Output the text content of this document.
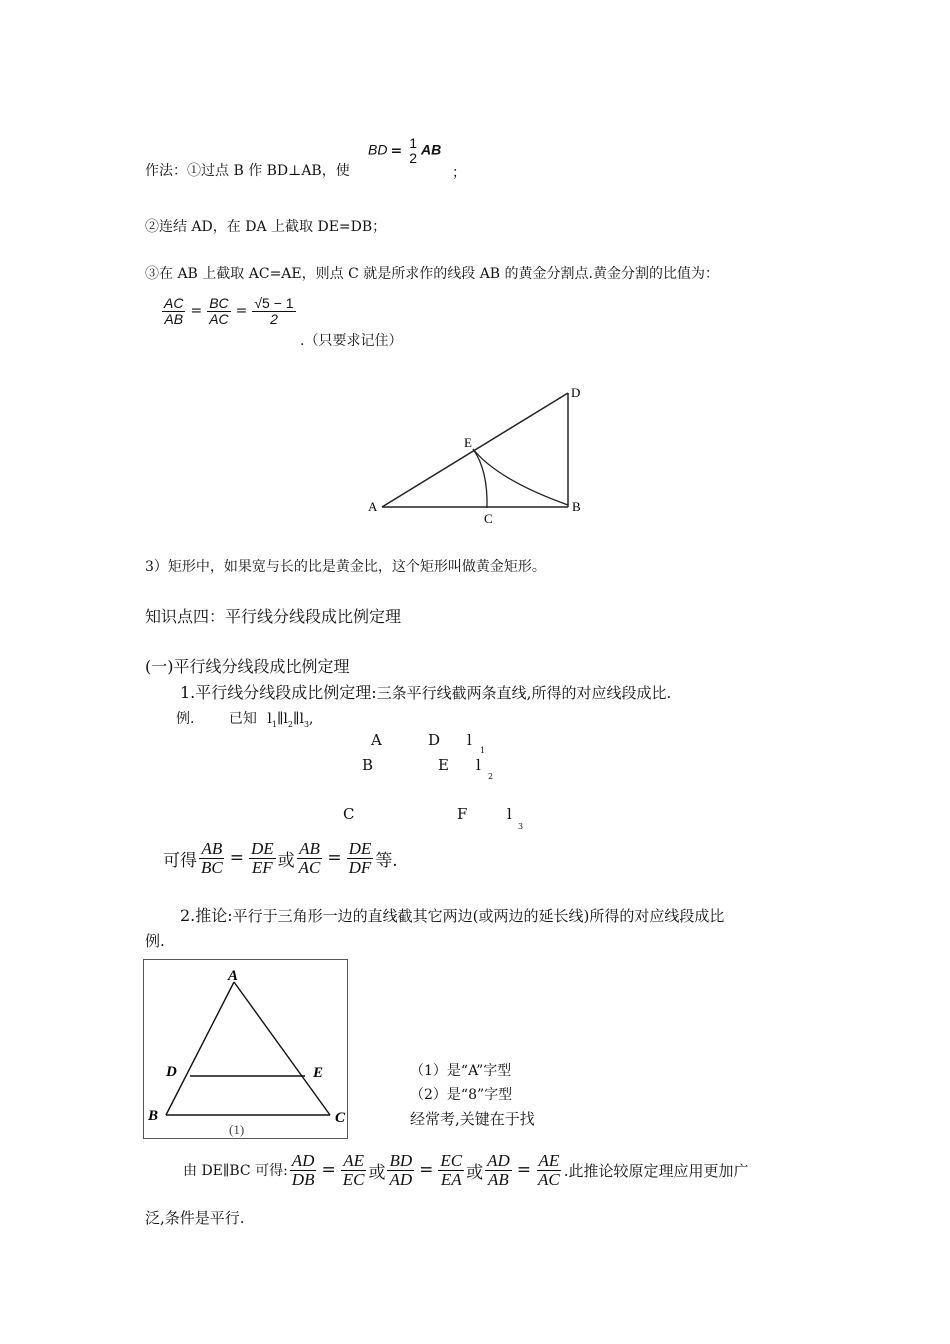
作法：①过点 B 作 BD⊥AB，使
BD = 1
2 AB
；
②连结 AD，在 DA 上截取 DE=DB；
③在 AB 上截取 AC=AE，则点 C 就是所求作的线段 AB 的黄金分割点.黄金分割的比值为：
$\frac{AC}{AB} = \frac{BC}{AC} = \frac{√5 - 1}{2}$
.（只要求记住）
A	B
C
D
E
3）矩形中，如果宽与长的比是黄金比，这个矩形叫做黄金矩形。
知识点四：平行线分线段成比例定理
(一)平行线分线段成比例定理
1.平行线分线段成比例定理:三条平行线截两条直线,所得的对应线段成比.
例. 已知 $l_1\parallel l_2\parallel l_3$,
A	D l
1
B	E l
2
C	F	l
3
可得 $\frac{AB}{BC} = \frac{DE}{EF}$ 或 $\frac{AB}{AC} = \frac{DE}{DF}$ 等.
2.推论:平行于三角形一边的直线截其它两边(或两边的延长线)所得的对应线段成比
例.
A
B	C
D	E
(1)
（1）是“A”字型
（2）是“8”字型
经常考,关键在于找
由 DE∥BC 可得: $\frac{AD}{DB} = \frac{AE}{EC}$ 或 $\frac{BD}{AD} = \frac{EC}{EA}$ 或 $\frac{AD}{AB} = \frac{AE}{AC}$ .此推论较原定理应用更加广
泛,条件是平行.
